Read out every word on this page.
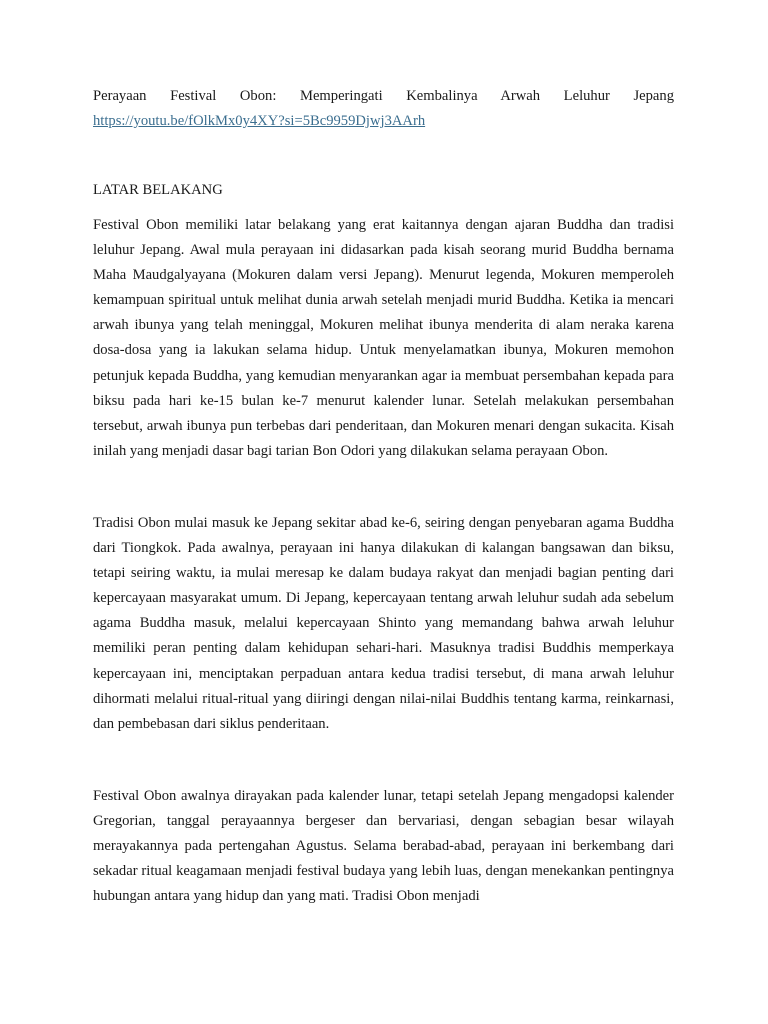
Perayaan Festival Obon: Memperingati Kembalinya Arwah Leluhur Jepang

https://youtu.be/fOlkMx0y4XY?si=5Bc9959Djwj3AArh
LATAR BELAKANG

Festival Obon memiliki latar belakang yang erat kaitannya dengan ajaran Buddha dan tradisi leluhur Jepang. Awal mula perayaan ini didasarkan pada kisah seorang murid Buddha bernama Maha Maudgalyayana (Mokuren dalam versi Jepang). Menurut legenda, Mokuren memperoleh kemampuan spiritual untuk melihat dunia arwah setelah menjadi murid Buddha. Ketika ia mencari arwah ibunya yang telah meninggal, Mokuren melihat ibunya menderita di alam neraka karena dosa-dosa yang ia lakukan selama hidup. Untuk menyelamatkan ibunya, Mokuren memohon petunjuk kepada Buddha, yang kemudian menyarankan agar ia membuat persembahan kepada para biksu pada hari ke-15 bulan ke-7 menurut kalender lunar. Setelah melakukan persembahan tersebut, arwah ibunya pun terbebas dari penderitaan, dan Mokuren menari dengan sukacita. Kisah inilah yang menjadi dasar bagi tarian Bon Odori yang dilakukan selama perayaan Obon.

Tradisi Obon mulai masuk ke Jepang sekitar abad ke-6, seiring dengan penyebaran agama Buddha dari Tiongkok. Pada awalnya, perayaan ini hanya dilakukan di kalangan bangsawan dan biksu, tetapi seiring waktu, ia mulai meresap ke dalam budaya rakyat dan menjadi bagian penting dari kepercayaan masyarakat umum. Di Jepang, kepercayaan tentang arwah leluhur sudah ada sebelum agama Buddha masuk, melalui kepercayaan Shinto yang memandang bahwa arwah leluhur memiliki peran penting dalam kehidupan sehari-hari. Masuknya tradisi Buddhis memperkaya kepercayaan ini, menciptakan perpaduan antara kedua tradisi tersebut, di mana arwah leluhur dihormati melalui ritual-ritual yang diiringi dengan nilai-nilai Buddhis tentang karma, reinkarnasi, dan pembebasan dari siklus penderitaan.

Festival Obon awalnya dirayakan pada kalender lunar, tetapi setelah Jepang mengadopsi kalender Gregorian, tanggal perayaannya bergeser dan bervariasi, dengan sebagian besar wilayah merayakannya pada pertengahan Agustus. Selama berabad-abad, perayaan ini berkembang dari sekadar ritual keagamaan menjadi festival budaya yang lebih luas, dengan menekankan pentingnya hubungan antara yang hidup dan yang mati. Tradisi Obon menjadi
